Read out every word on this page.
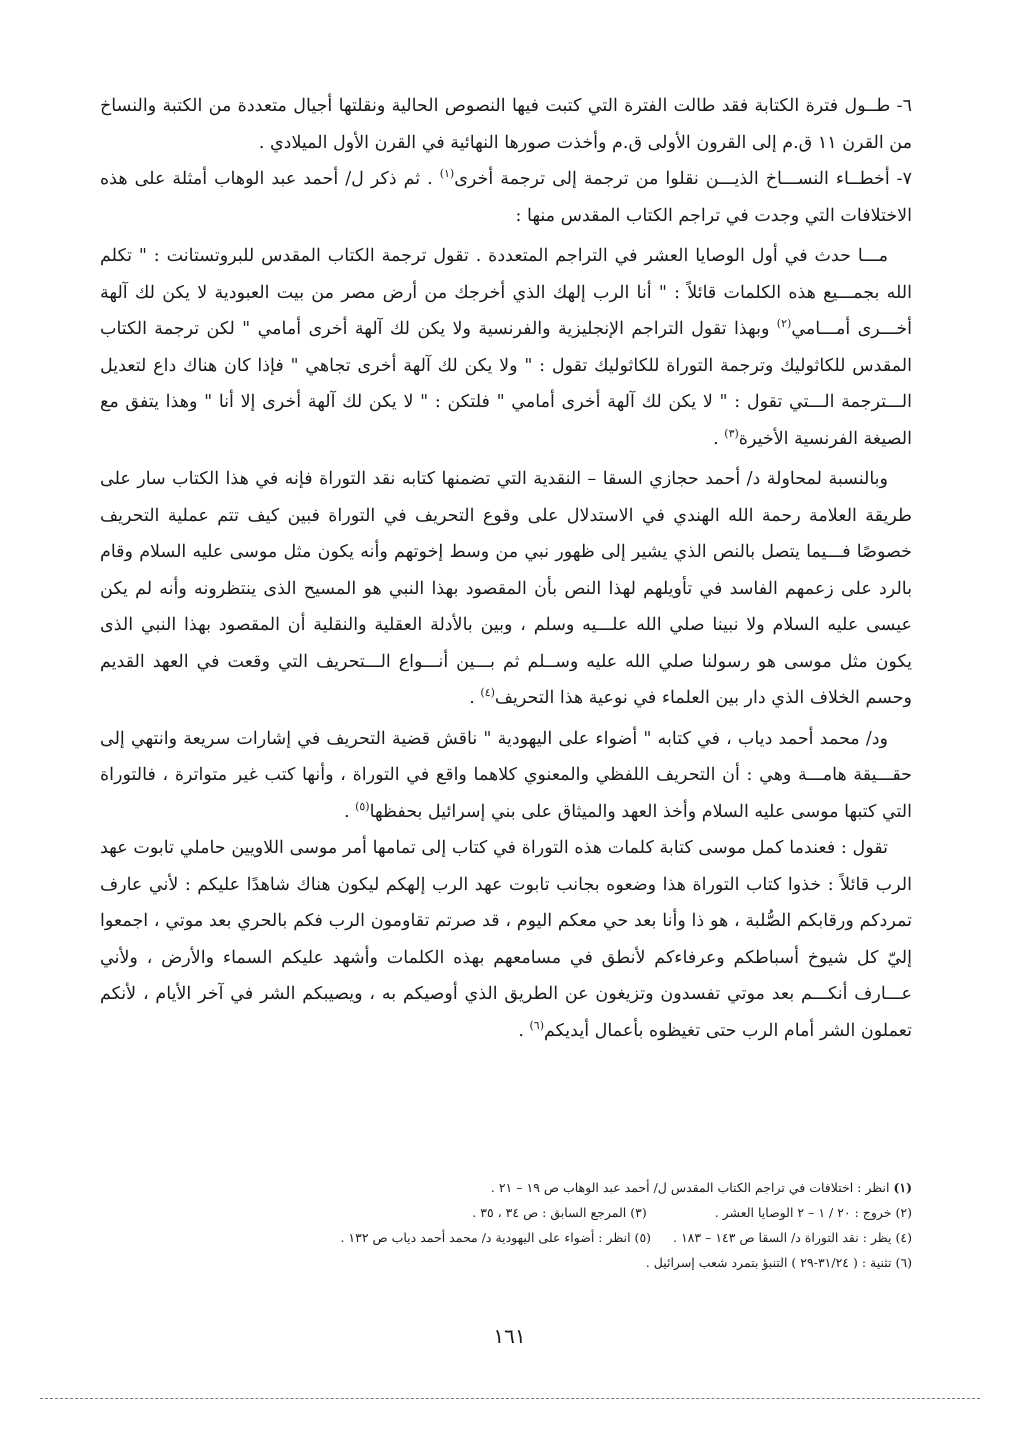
٦- طــول فترة الكتابة فقد طالت الفترة التي كتبت فيها النصوص الحالية ونقلتها أجيال متعددة من الكتبة والنساخ من القرن ١١ ق.م إلى القرون الأولى ق.م وأخذت صورها النهائية في القرن الأول الميلادي .

٧- أخطــاء النســـاخ الذيـــن نقلوا من ترجمة إلى ترجمة أخرى$^{(١)}$ . ثم ذكر ل/ أحمد عبد الوهاب أمثلة على هذه الاختلافات التي وجدت في تراجم الكتاب المقدس منها :

مـــا حدث في أول الوصايا العشر في التراجم المتعددة . تقول ترجمة الكتاب المقدس للبروتستانت : " تكلم الله بجمـــيع هذه الكلمات قائلاً : " أنا الرب إلهك الذي أخرجك من أرض مصر من بيت العبودية لا يكن لك آلهة أخـــرى أمـــامي$^{(٢)}$ وبهذا تقول التراجم الإنجليزية والفرنسية ولا يكن لك آلهة أخرى أمامي " لكن ترجمة الكتاب المقدس للكاثوليك وترجمة التوراة للكاثوليك تقول : " ولا يكن لك آلهة أخرى تجاهي " فإذا كان هناك داع لتعديل الـــترجمة الـــتي تقول : " لا يكن لك آلهة أخرى أمامي " فلتكن : " لا يكن لك آلهة أخرى إلا أنا " وهذا يتفق مع الصيغة الفرنسية الأخيرة$^{(٣)}$ .

وبالنسبة لمحاولة د/ أحمد حجازي السقا – النقدية التي تضمنها كتابه نقد التوراة فإنه في هذا الكتاب سار على طريقة العلامة رحمة الله الهندي في الاستدلال على وقوع التحريف في التوراة فبين كيف تتم عملية التحريف خصوصًا فـــيما يتصل بالنص الذي يشير إلى ظهور نبي من وسط إخوتهم وأنه يكون مثل موسى عليه السلام وقام بالرد على زعمهم الفاسد في تأويلهم لهذا النص بأن المقصود بهذا النبي هو المسيح الذى ينتظرونه وأنه لم يكن عيسى عليه السلام ولا نبينا صلي الله علـــيه وسلم ، وبين بالأدلة العقلية والنقلية أن المقصود بهذا النبي الذى يكون مثل موسى هو رسولنا صلي الله عليه وســلم ثم بـــين أنـــواع الـــتحريف التي وقعت في العهد القديم وحسم الخلاف الذي دار بين العلماء في نوعية هذا التحريف$^{(٤)}$ .

ود/ محمد أحمد دياب ، في كتابه " أضواء على اليهودية " ناقش قضية التحريف في إشارات سريعة وانتهي إلى حقـــيقة هامـــة وهي : أن التحريف اللفظي والمعنوي كلاهما واقع في التوراة ، وأنها كتب غير متواترة ، فالتوراة التي كتبها موسى عليه السلام وأخذ العهد والميثاق على بني إسرائيل بحفظها$^{(٥)}$ .

تقول : فعندما كمل موسى كتابة كلمات هذه التوراة في كتاب إلى تمامها أمر موسى اللاويين حاملي تابوت عهد الرب قائلاً : خذوا كتاب التوراة هذا وضعوه بجانب تابوت عهد الرب إلهكم ليكون هناك شاهدًا عليكم : لأني عارف تمردكم ورقابكم الصُّلبة ، هو ذا وأنا بعد حي معكم اليوم ، قد صرتم تقاومون الرب فكم بالحري بعد موتي ، اجمعوا إليّ كل شيوخ أسباطكم وعرفاءكم لأنطق في مسامعهم بهذه الكلمات وأشهد عليكم السماء والأرض ، ولأني عـــارف أنكـــم بعد موتي تفسدون وتزيغون عن الطريق الذي أوصيكم به ، ويصيبكم الشر في آخر الأيام ، لأنكم تعملون الشر أمام الرب حتى تغيظوه بأعمال أيديكم$^{(٦)}$ .

(١) انظر : اختلافات في تراجم الكتاب المقدس ل/ أحمد عبد الوهاب ص ١٩ – ٢١ .

(٢) خروج : ٢٠ / ١ – ٢ الوصايا العشر .  (٣) المرجع السابق : ص ٣٤ ، ٣٥ .

(٤) يظر : نقد التوراة د/ السقا ص ١٤٣ – ١٨٣ .  (٥) انظر : أضواء على اليهودية د/ محمد أحمد دياب ص ١٣٢ .

(٦) تثنية : ( ٣١/٢٤-٢٩ ) التنبؤ بتمرد شعب إسرائيل .

١٦١
